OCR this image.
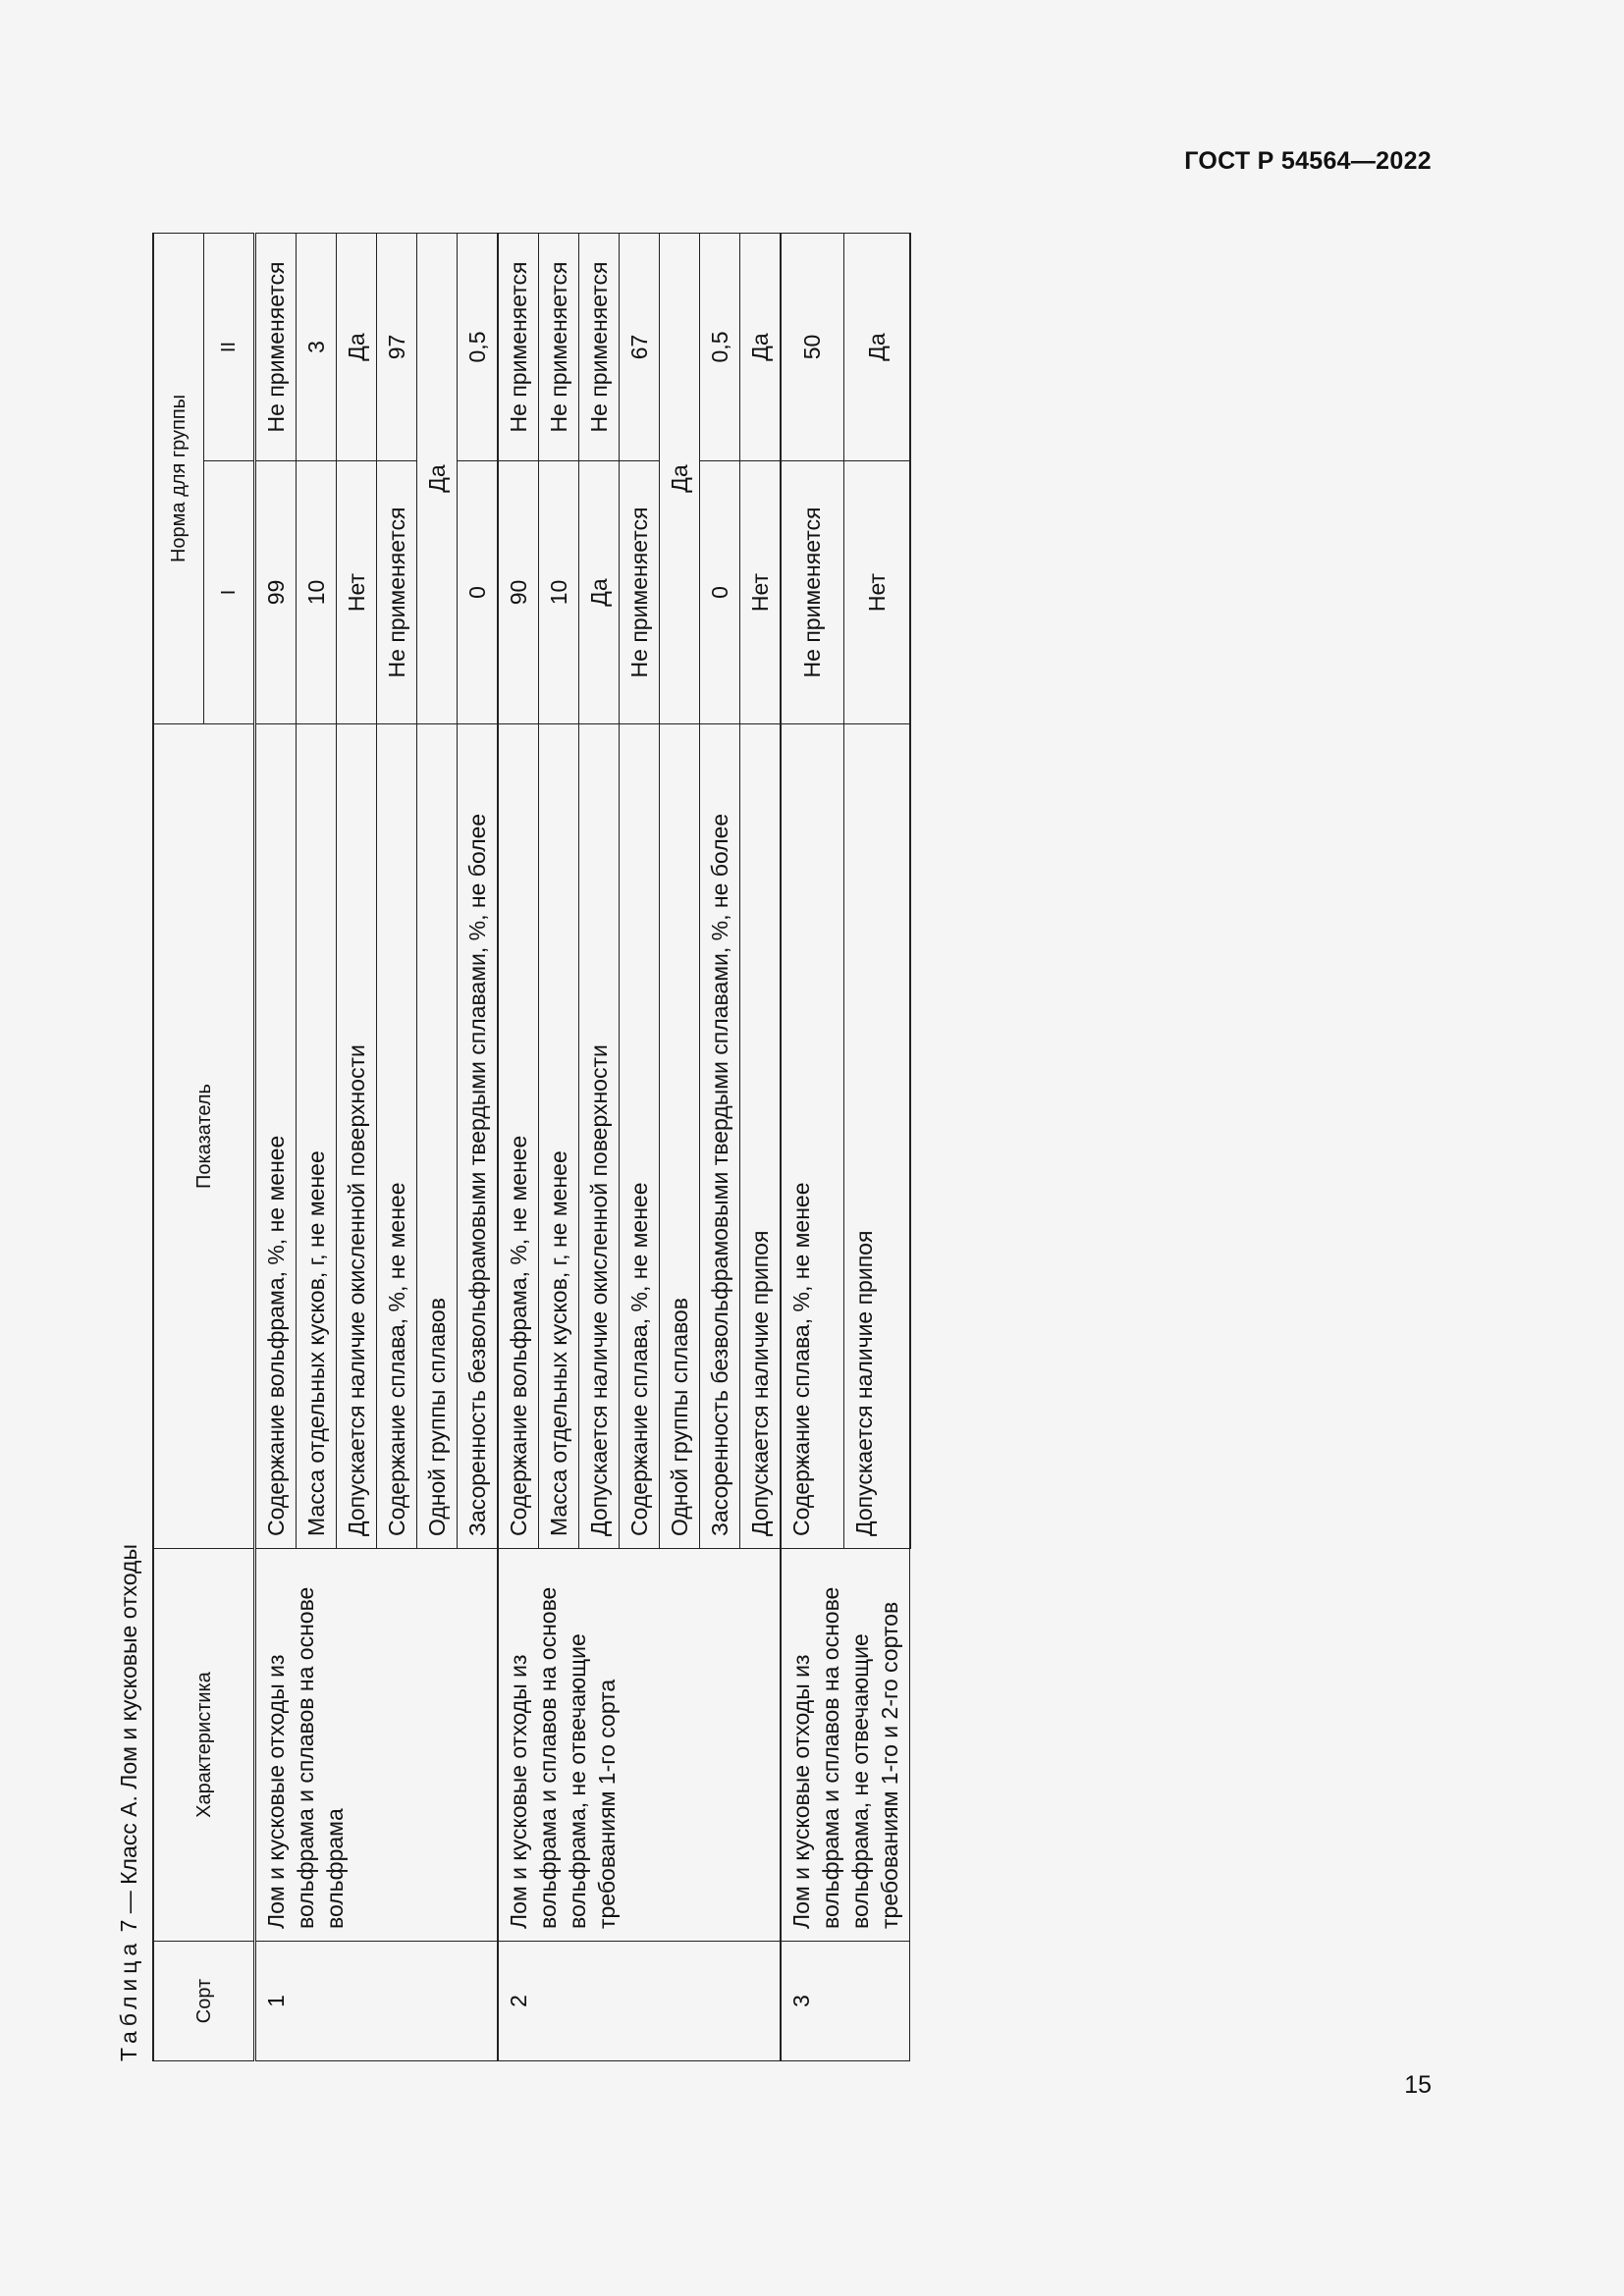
ГОСТ Р 54564—2022
15
Таблица 7 — Класс А. Лом и кусковые отходы
Сорт	Характеристика	Показатель	Норма для группы	
			I	II
1	Лом и кусковые отходы из вольфрама и сплавов на основе вольфрама	Содержание вольфрама, %, не менее	99	Не применяется
		Масса отдельных кусков, г, не менее	10	3
		Допускается наличие окисленной поверхности	Нет	Да
		Содержание сплава, %, не менее	Не применяется	97
		Одной группы сплавов	Да	
		Засоренность безвольфрамовыми твердыми сплавами, %, не более	0	0,5
2	Лом и кусковые отходы из вольфрама и сплавов на основе вольфрама, не отвечающие требованиям 1-го сорта	Содержание вольфрама, %, не менее	90	Не применяется
		Масса отдельных кусков, г, не менее	10	Не применяется
		Допускается наличие окисленной поверхности	Да	Не применяется
		Содержание сплава, %, не менее	Не применяется	67
		Одной группы сплавов	Да	
		Засоренность безвольфрамовыми твердыми сплавами, %, не более	0	0,5
		Допускается наличие припоя	Нет	Да
3	Лом и кусковые отходы из вольфрама и сплавов на основе вольфрама, не отвечающие требованиям 1-го и 2-го сортов	Содержание сплава, %, не менее	Не применяется	50
		Допускается наличие припоя	Нет	Да
